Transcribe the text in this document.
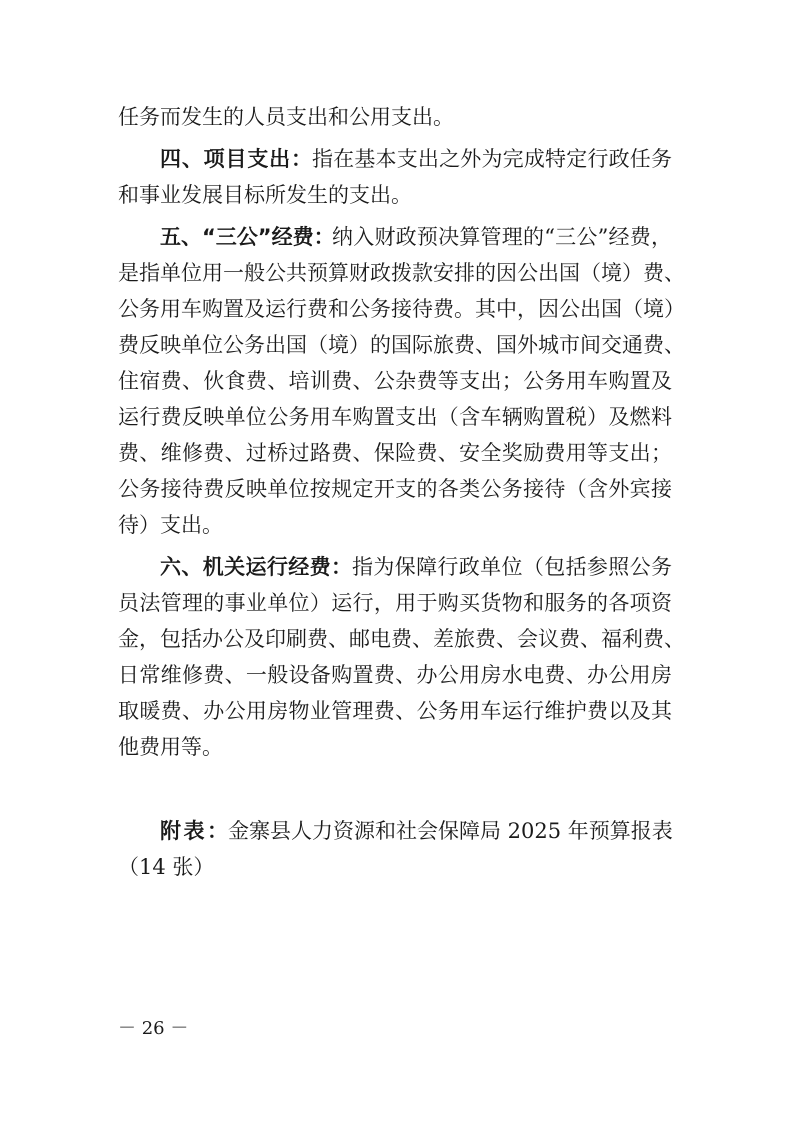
任务而发生的人员支出和公用支出。
四、项目支出： 指在基本支出之外为完成特定行政任务
和事业发展目标所发生的支出。
五、“三公”经费：
纳入财政预决算管理的“三公”经费，
是指单位用一般公共预算财政拨款安排的因公出国（境）费、
公务用车购置及运行费和公务接待费。其中，因公出国（境）
费反映单位公务出国（境）的国际旅费、国外城市间交通费、
住宿费、伙食费、培训费、公杂费等支出；公务用车购置及
运行费反映单位公务用车购置支出（含车辆购置税）及燃料
费、维修费、过桥过路费、保险费、安全奖励费用等支出；
公务接待费反映单位按规定开支的各类公务接待（含外宾接
待）支出。
六、机关运行经费： 指为保障行政单位（包括参照公务
员法管理的事业单位）运行，用于购买货物和服务的各项资
金，包括办公及印刷费、邮电费、差旅费、会议费、福利费、
日常维修费、一般设备购置费、办公用房水电费、办公用房
取暖费、办公用房物业管理费、公务用车运行维护费以及其
他费用等。
附表： 金寨县人力资源和社会保障局 2025 年预算报表
（14 张）
－ 26 －
